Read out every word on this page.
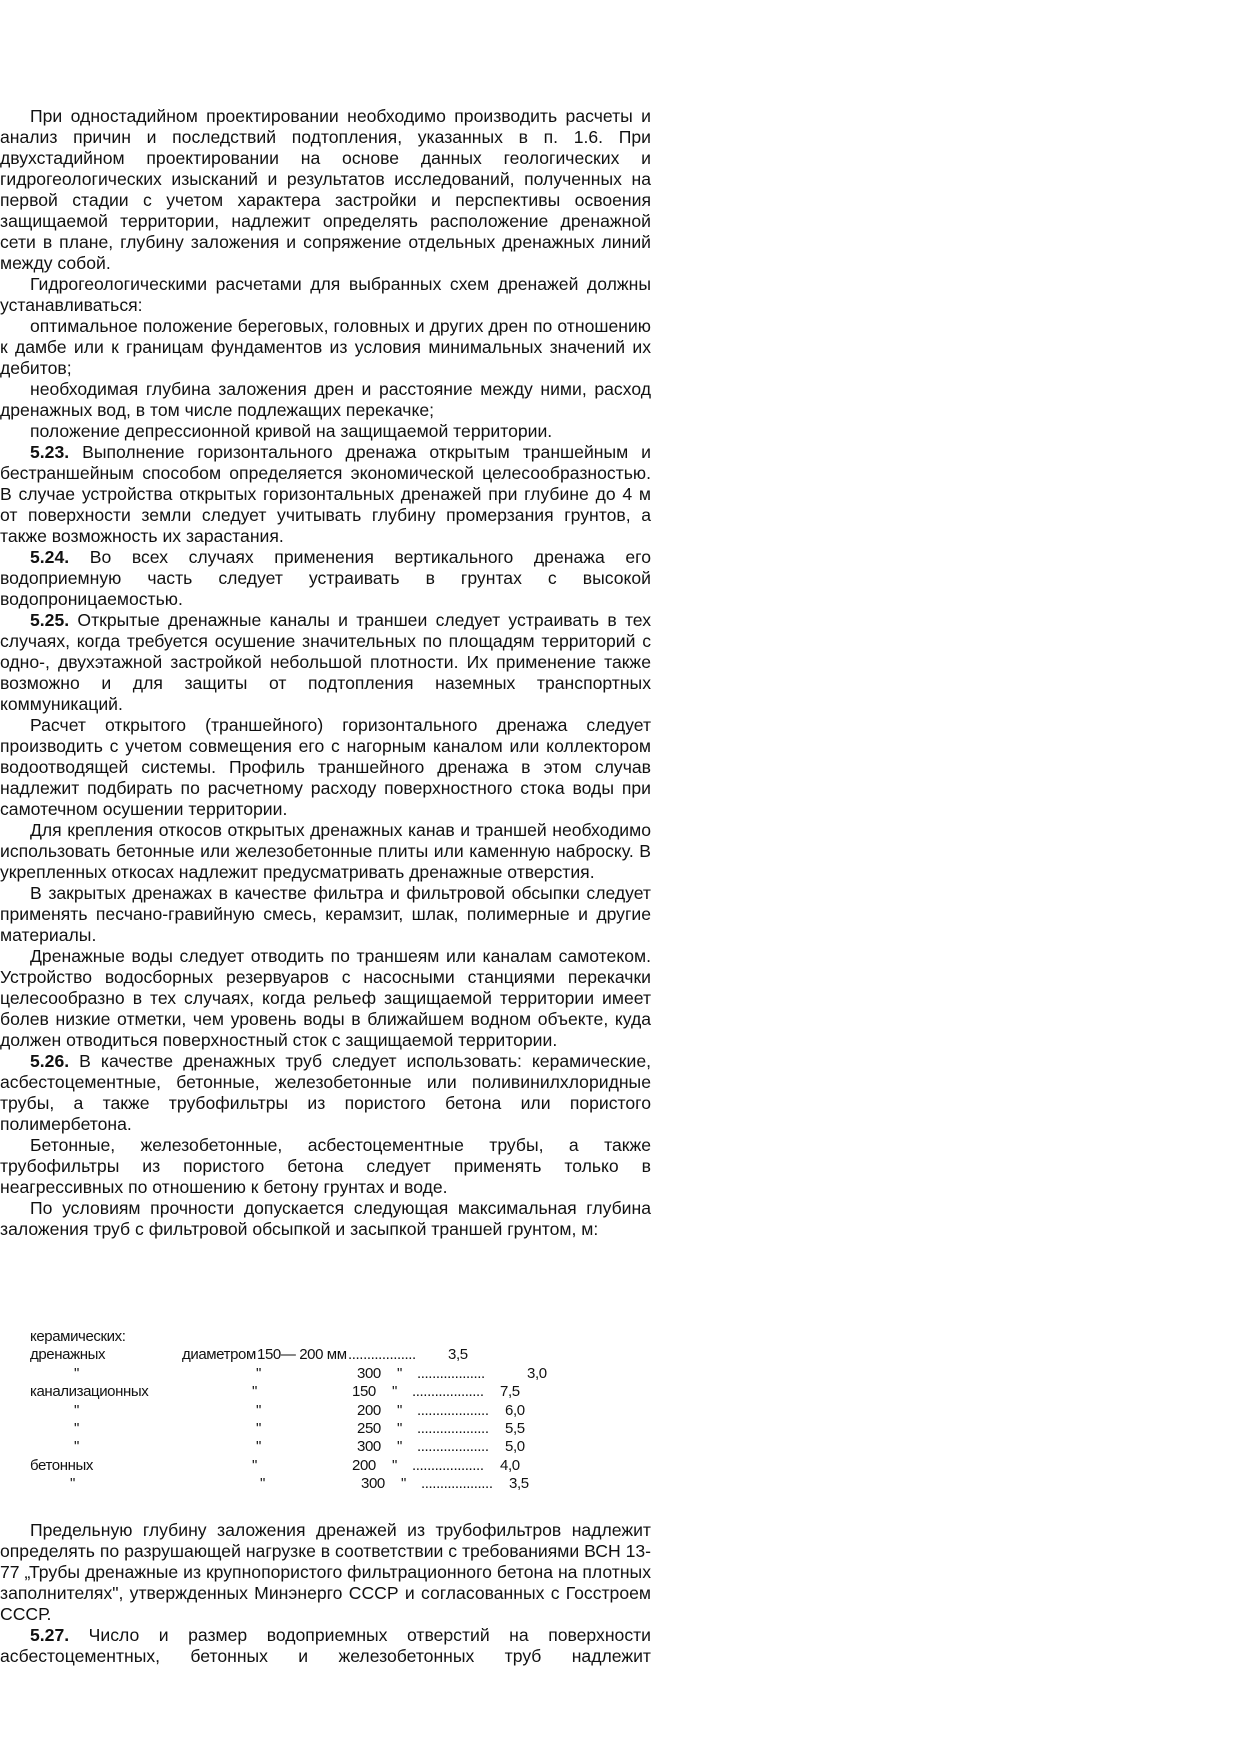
При одностадийном проектировании необходимо производить расчеты и анализ причин и последствий подтопления, указанных в п. 1.6. При двухстадийном проектировании на основе данных геологических и гидрогеологических изысканий и результатов исследований, полученных на первой стадии с учетом характера застройки и перспективы освоения защищаемой территории, надлежит определять расположение дренажной сети в плане, глубину заложения и сопряжение отдельных дренажных линий между собой.

Гидрогеологическими расчетами для выбранных схем дренажей должны устанавливаться:

оптимальное положение береговых, головных и других дрен по отношению к дамбе или к границам фундаментов из условия минимальных значений их дебитов;

необходимая глубина заложения дрен и расстояние между ними, расход дренажных вод, в том числе подлежащих перекачке;

положение депрессионной кривой на защищаемой территории.

5.23. Выполнение горизонтального дренажа открытым траншейным и бестраншейным способом определяется экономической целесообразностью. В случае устройства открытых горизонтальных дренажей при глубине до 4 м от поверхности земли следует учитывать глубину промерзания грунтов, а также возможность их зарастания.

5.24. Во всех случаях применения вертикального дренажа его водоприемную часть следует устраивать в грунтах с высокой водопроницаемостью.

5.25. Открытые дренажные каналы и траншеи следует устраивать в тех случаях, когда требуется осушение значительных по площадям территорий с одно-, двухэтажной застройкой небольшой плотности. Их применение также возможно и для защиты от подтопления наземных транспортных коммуникаций.

Расчет открытого (траншейного) горизонтального дренажа следует производить с учетом совмещения его с нагорным каналом или коллектором водоотводящей системы. Профиль траншейного дренажа в этом случав надлежит подбирать по расчетному расходу поверхностного стока воды при самотечном осушении территории.

Для крепления откосов открытых дренажных канав и траншей необходимо использовать бетонные или железобетонные плиты или каменную наброску. В укрепленных откосах надлежит предусматривать дренажные отверстия.

В закрытых дренажах в качестве фильтра и фильтровой обсыпки следует применять песчано-гравийную смесь, керамзит, шлак, полимерные и другие материалы.

Дренажные воды следует отводить по траншеям или каналам самотеком. Устройство водосборных резервуаров с насосными станциями перекачки целесообразно в тех случаях, когда рельеф защищаемой территории имеет болев низкие отметки, чем уровень воды в ближайшем водном объекте, куда должен отводиться поверхностный сток с защищаемой территории.

5.26. В качестве дренажных труб следует использовать: керамические, асбестоцементные, бетонные, железобетонные или поливинилхлоридные трубы, а также трубофильтры из пористого бетона или пористого полимербетона.

Бетонные, железобетонные, асбестоцементные трубы, а также трубофильтры из пористого бетона следует применять только в неагрессивных по отношению к бетону грунтах и воде.

По условиям прочности допускается следующая максимальная глубина заложения труб с фильтровой обсыпкой и засыпкой траншей грунтом, м:

керамических:
дренажных	диаметром 150— 200 мм .................. 3,5
"	"	300 " ..................	3,0
канализационных	"	150 " ................... 7,5
"	"	200 " ................... 6,0
"	"	250 " ................... 5,5
"	"	300 " ................... 5,0
бетонных	"	200 " ................... 4,0
"	"	300 " ................... 3,5

Предельную глубину заложения дренажей из трубофильтров надлежит определять по разрушающей нагрузке в соответствии с требованиями ВСН 13-77 „Трубы дренажные из крупнопористого фильтрационного бетона на плотных заполнителях", утвержденных Минэнерго СССР и согласованных с Госстроем СССР.

5.27. Число и размер водоприемных отверстий на поверхности асбестоцементных, бетонных и железобетонных труб надлежит
